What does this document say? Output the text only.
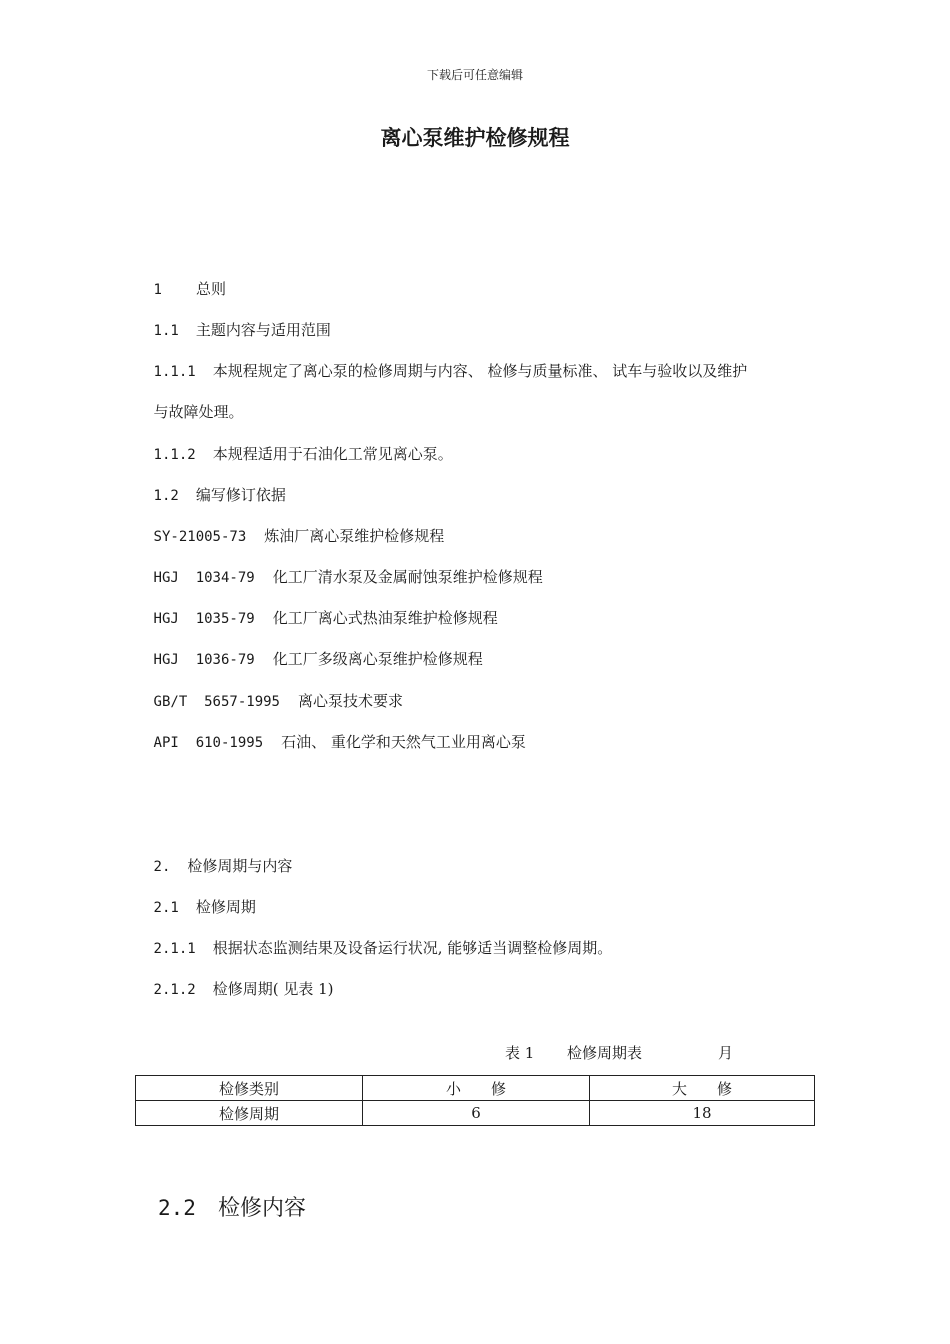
下载后可任意编辑
离心泵维护检修规程

1 总则

1.1 主题内容与适用范围

1.1.1 本规程规定了离心泵的检修周期与内容、 检修与质量标准、 试车与验收以及维护

与故障处理。

1.1.2 本规程适用于石油化工常见离心泵。

1.2 编写修订依据

SY-21005-73 炼油厂离心泵维护检修规程

HGJ  1034-79 化工厂清水泵及金属耐蚀泵维护检修规程

HGJ  1035-79 化工厂离心式热油泵维护检修规程

HGJ  1036-79 化工厂多级离心泵维护检修规程

GB/T  5657-1995 离心泵技术要求

API  610-1995 石油、 重化学和天然气工业用离心泵

2. 检修周期与内容

2.1 检修周期

2.1.1 根据状态监测结果及设备运行状况, 能够适当调整检修周期。

2.1.2 检修周期( 见表 1)

表 1

检修周期表

	月

检修类别	小　　修	大　　修
检修周期	6	18

2.2 检修内容
